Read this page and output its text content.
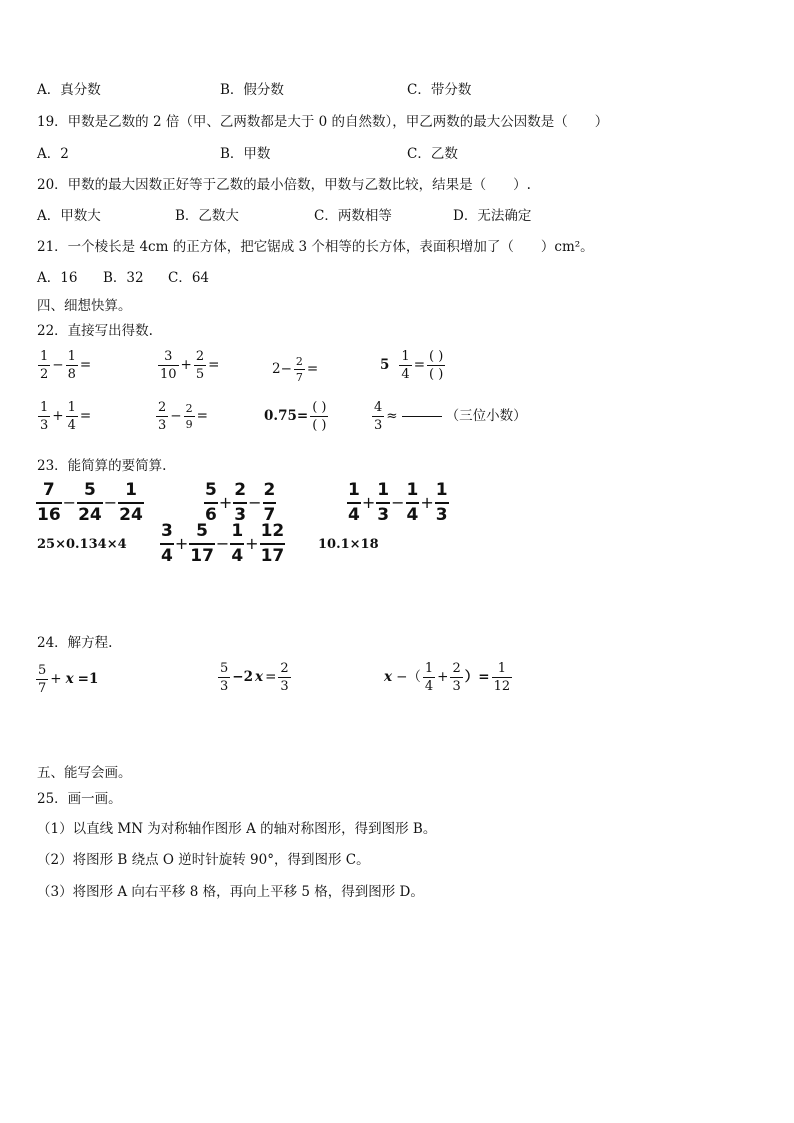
A．真分数	B．假分数	C．带分数
19．甲数是乙数的 2 倍（甲、乙两数都是大于 0 的自然数），甲乙两数的最大公因数是（　　）
A．2	B．甲数	C．乙数
20．甲数的最大因数正好等于乙数的最小倍数，甲数与乙数比较，结果是（　　）.
A．甲数大	B．乙数大	C．两数相等	D．无法确定
21．一个棱长是 4cm 的正方体，把它锯成 3 个相等的长方体，表面积增加了（　　）cm²。
A．16 B．32 C．64
四、细想快算。
22．直接写出得数.
$\frac{1}{2} - \frac{1}{8}$ =	$\frac{3}{10} + \frac{2}{5}$ =	$2- \frac{2}{7}$ =	$5 \frac{1}{4} = \frac{( )}{( )}$
$\frac{1}{3} + \frac{1}{4}$ =	$\frac{2}{3} - \frac{2}{9}$ =	$0.75= \frac{( )}{( )}$	$\frac{4}{3}$ ≈	（三位小数）
23．能简算的要简算.
$\frac{7}{16} - \frac{5}{24} - \frac{1}{24}$	$\frac{5}{6} + \frac{2}{3} - \frac{2}{7}$	$\frac{1}{4} + \frac{1}{3} - \frac{1}{4} + \frac{1}{3}$
$25\times 0.134\times 4 \frac{3}{4} + \frac{5}{17} - \frac{1}{4} + \frac{12}{17}$	10.1×18
24．解方程.
$\frac{5}{7} + x =1$	$\frac{5}{3} -2$ $x = \frac{2}{3}$	x −（ $\frac{1}{4} + \frac{2}{3}$ ）= $\frac{1}{12}$
五、能写会画。
25．画一画。
（1）以直线 MN 为对称轴作图形 A 的轴对称图形，得到图形 B。
（2）将图形 B 绕点 O 逆时针旋转 90°，得到图形 C。
（3）将图形 A 向右平移 8 格，再向上平移 5 格，得到图形 D。
